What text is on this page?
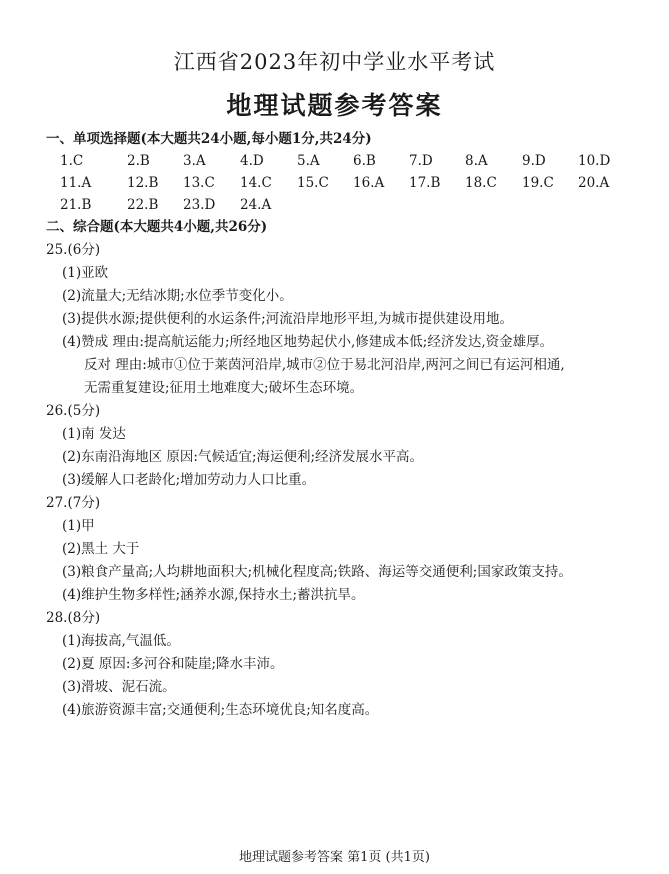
江西省2023年初中学业水平考试
地理试题参考答案
一、单项选择题(本大题共24小题,每小题1分,共24分)
1.C	2.B 3.A	4.D 5.A 6.B 7.D 8.A	9.D 10.D
11.A	12.B 13.C 14.C 15.C 16.A 17.B 18.C 19.C 20.A
21.B	22.B 23.D 24.A
二、综合题(本大题共4小题,共26分)
25.(6分)
(1)亚欧
(2)流量大;无结冰期;水位季节变化小。
(3)提供水源;提供便利的水运条件;河流沿岸地形平坦,为城市提供建设用地。
(4)赞成 理由:提高航运能力;所经地区地势起伏小,修建成本低;经济发达,资金雄厚。
反对 理由:城市①位于莱茵河沿岸,城市②位于易北河沿岸,两河之间已有运河相通,
无需重复建设;征用土地难度大;破坏生态环境。
26.(5分)
(1)南 发达
(2)东南沿海地区 原因:气候适宜;海运便利;经济发展水平高。
(3)缓解人口老龄化;增加劳动力人口比重。
27.(7分)
(1)甲
(2)黑土 大于
(3)粮食产量高;人均耕地面积大;机械化程度高;铁路、海运等交通便利;国家政策支持。
(4)维护生物多样性;涵养水源,保持水土;蓄洪抗旱。
28.(8分)
(1)海拔高,气温低。
(2)夏 原因:多河谷和陡崖;降水丰沛。
(3)滑坡、泥石流。
(4)旅游资源丰富;交通便利;生态环境优良;知名度高。
地理试题参考答案 第1页 (共1页)
